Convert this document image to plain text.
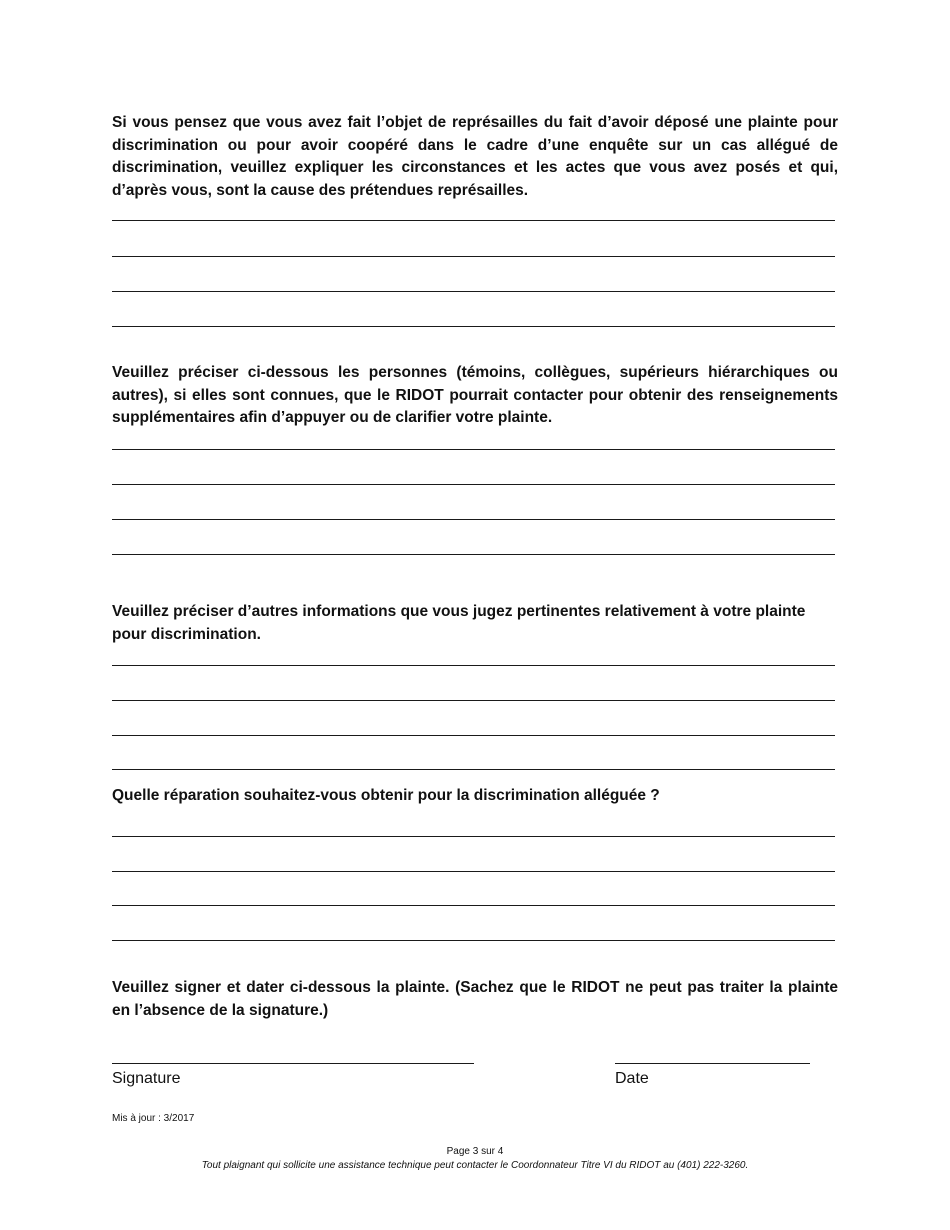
Si vous pensez que vous avez fait l’objet de représailles du fait d’avoir déposé une plainte pour discrimination ou pour avoir coopéré dans le cadre d’une enquête sur un cas allégué de discrimination, veuillez expliquer les circonstances et les actes que vous avez posés et qui, d’après vous, sont la cause des prétendues représailles.
Veuillez préciser ci-dessous les personnes (témoins, collègues, supérieurs hiérarchiques ou autres), si elles sont connues, que le RIDOT pourrait contacter pour obtenir des renseignements supplémentaires afin d’appuyer ou de clarifier votre plainte.
Veuillez préciser d’autres informations que vous jugez pertinentes relativement à votre plainte pour discrimination.
Quelle réparation souhaitez-vous obtenir pour la discrimination alléguée ?
Veuillez signer et dater ci-dessous la plainte. (Sachez que le RIDOT ne peut pas traiter la plainte en l’absence de la signature.)
Signature	Date
Mis à jour : 3/2017
Page 3 sur 4
Tout plaignant qui sollicite une assistance technique peut contacter le Coordonnateur Titre VI du RIDOT au (401) 222-3260.
